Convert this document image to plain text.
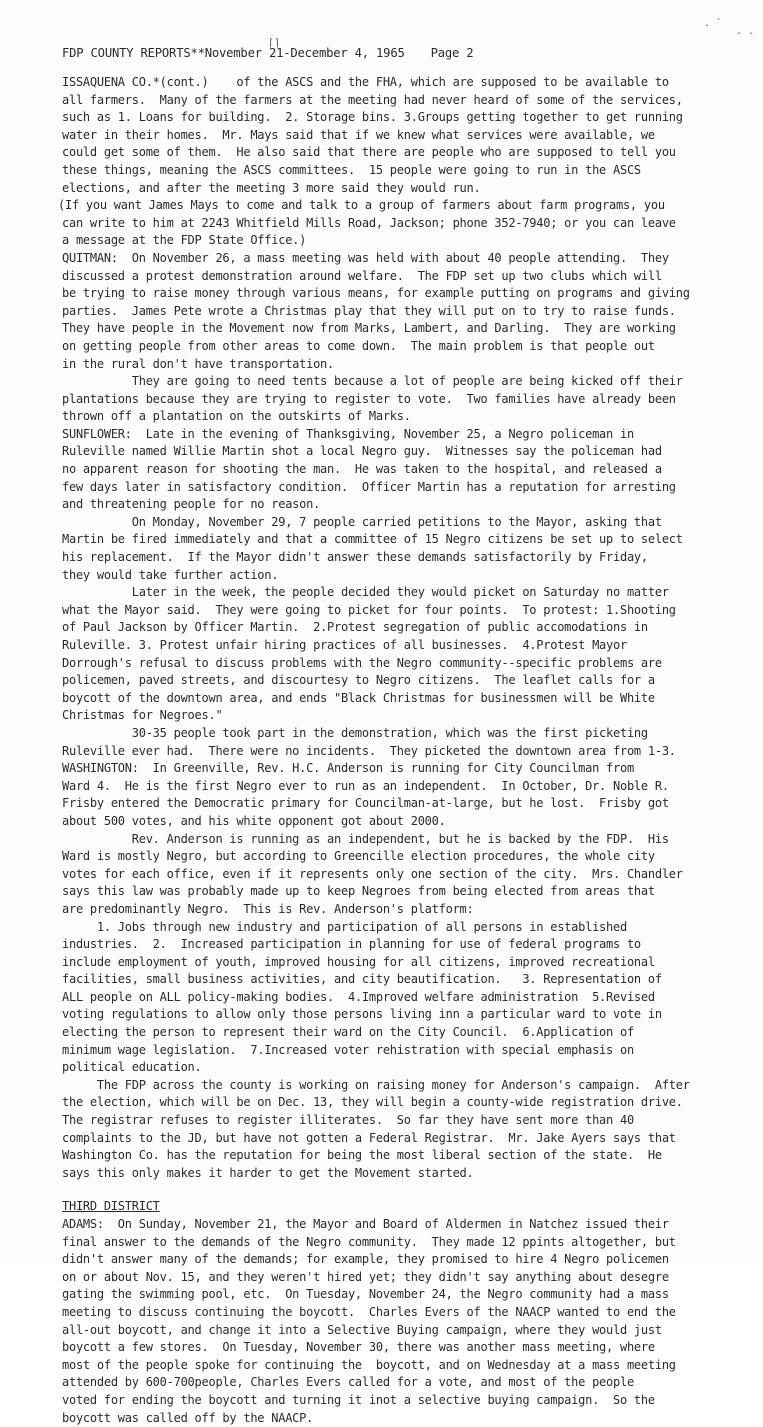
FDP COUNTY REPORTS**November 21-December 4, 1965 Page 2
ISSAQUENA CO.*(cont.)    of the ASCS and the FHA, which are supposed to be available to
all farmers.  Many of the farmers at the meeting had never heard of some of the services,
such as 1. Loans for building.  2. Storage bins. 3.Groups getting together to get running
water in their homes.  Mr. Mays said that if we knew what services were available, we
could get some of them.  He also said that there are people who are supposed to tell you
these things, meaning the ASCS committees.  15 people were going to run in the ASCS
elections, and after the meeting 3 more said they would run.
(If you want James Mays to come and talk to a group of farmers about farm programs, you
can write to him at 2243 Whitfield Mills Road, Jackson; phone 352-7940; or you can leave
a message at the FDP State Office.)
QUITMAN:  On November 26, a mass meeting was held with about 40 people attending.  They
discussed a protest demonstration around welfare.  The FDP set up two clubs which will
be trying to raise money through various means, for example putting on programs and giving
parties.  James Pete wrote a Christmas play that they will put on to try to raise funds.
They have people in the Movement now from Marks, Lambert, and Darling.  They are working
on getting people from other areas to come down.  The main problem is that people out
in the rural don't have transportation.
They are going to need tents because a lot of people are being kicked off their
plantations because they are trying to register to vote.  Two families have already been
thrown off a plantation on the outskirts of Marks.
SUNFLOWER:  Late in the evening of Thanksgiving, November 25, a Negro policeman in
Ruleville named Willie Martin shot a local Negro guy.  Witnesses say the policeman had
no apparent reason for shooting the man.  He was taken to the hospital, and released a
few days later in satisfactory condition.  Officer Martin has a reputation for arresting
and threatening people for no reason.
On Monday, November 29, 7 people carried petitions to the Mayor, asking that
Martin be fired immediately and that a committee of 15 Negro citizens be set up to select
his replacement.  If the Mayor didn't answer these demands satisfactorily by Friday,
they would take further action.
Later in the week, the people decided they would picket on Saturday no matter
what the Mayor said.  They were going to picket for four points.  To protest: 1.Shooting
of Paul Jackson by Officer Martin.  2.Protest segregation of public accomodations in
Ruleville. 3. Protest unfair hiring practices of all businesses.  4.Protest Mayor
Dorrough's refusal to discuss problems with the Negro community--specific problems are
policemen, paved streets, and discourtesy to Negro citizens.  The leaflet calls for a
boycott of the downtown area, and ends "Black Christmas for businessmen will be White
Christmas for Negroes."
30-35 people took part in the demonstration, which was the first picketing
Ruleville ever had.  There were no incidents.  They picketed the downtown area from 1-3.
WASHINGTON:  In Greenville, Rev. H.C. Anderson is running for City Councilman from
Ward 4.  He is the first Negro ever to run as an independent.  In October, Dr. Noble R.
Frisby entered the Democratic primary for Councilman-at-large, but he lost.  Frisby got
about 500 votes, and his white opponent got about 2000.
Rev. Anderson is running as an independent, but he is backed by the FDP.  His
Ward is mostly Negro, but according to Greencille election procedures, the whole city
votes for each office, even if it represents only one section of the city.  Mrs. Chandler
says this law was probably made up to keep Negroes from being elected from areas that
are predominantly Negro.  This is Rev. Anderson's platform:
1. Jobs through new industry and participation of all persons in established
industries.  2.  Increased participation in planning for use of federal programs to
include employment of youth, improved housing for all citizens, improved recreational
facilities, small business activities, and city beautification.   3. Representation of
ALL people on ALL policy-making bodies.  4.Improved welfare administration  5.Revised
voting regulations to allow only those persons living inn a particular ward to vote in
electing the person to represent their ward on the City Council.  6.Application of
minimum wage legislation.  7.Increased voter rehistration with special emphasis on
political education.
The FDP across the county is working on raising money for Anderson's campaign.  After
the election, which will be on Dec. 13, they will begin a county-wide registration drive.
The registrar refuses to register illiterates.  So far they have sent more than 40
complaints to the JD, but have not gotten a Federal Registrar.  Mr. Jake Ayers says that
Washington Co. has the reputation for being the most liberal section of the state.  He
says this only makes it harder to get the Movement started.
THIRD DISTRICT
ADAMS:  On Sunday, November 21, the Mayor and Board of Aldermen in Natchez issued their
final answer to the demands of the Negro community.  They made 12 ppints altogether, but
didn't answer many of the demands; for example, they promised to hire 4 Negro policemen
on or about Nov. 15, and they weren't hired yet; they didn't say anything about desegre
gating the swimming pool, etc.  On Tuesday, November 24, the Negro community had a mass
meeting to discuss continuing the boycott.  Charles Evers of the NAACP wanted to end the
all-out boycott, and change it into a Selective Buying campaign, where they would just
boycott a few stores.  On Tuesday, November 30, there was another mass meeting, where
most of the people spoke for continuing the  boycott, and on Wednesday at a mass meeting
attended by 600-700people, Charles Evers called for a vote, and most of the people
voted for ending the boycott and turning it inot a selective buying campaign.  So the
boycott was called off by the NAACP.
. `
- -
⌈⌉
